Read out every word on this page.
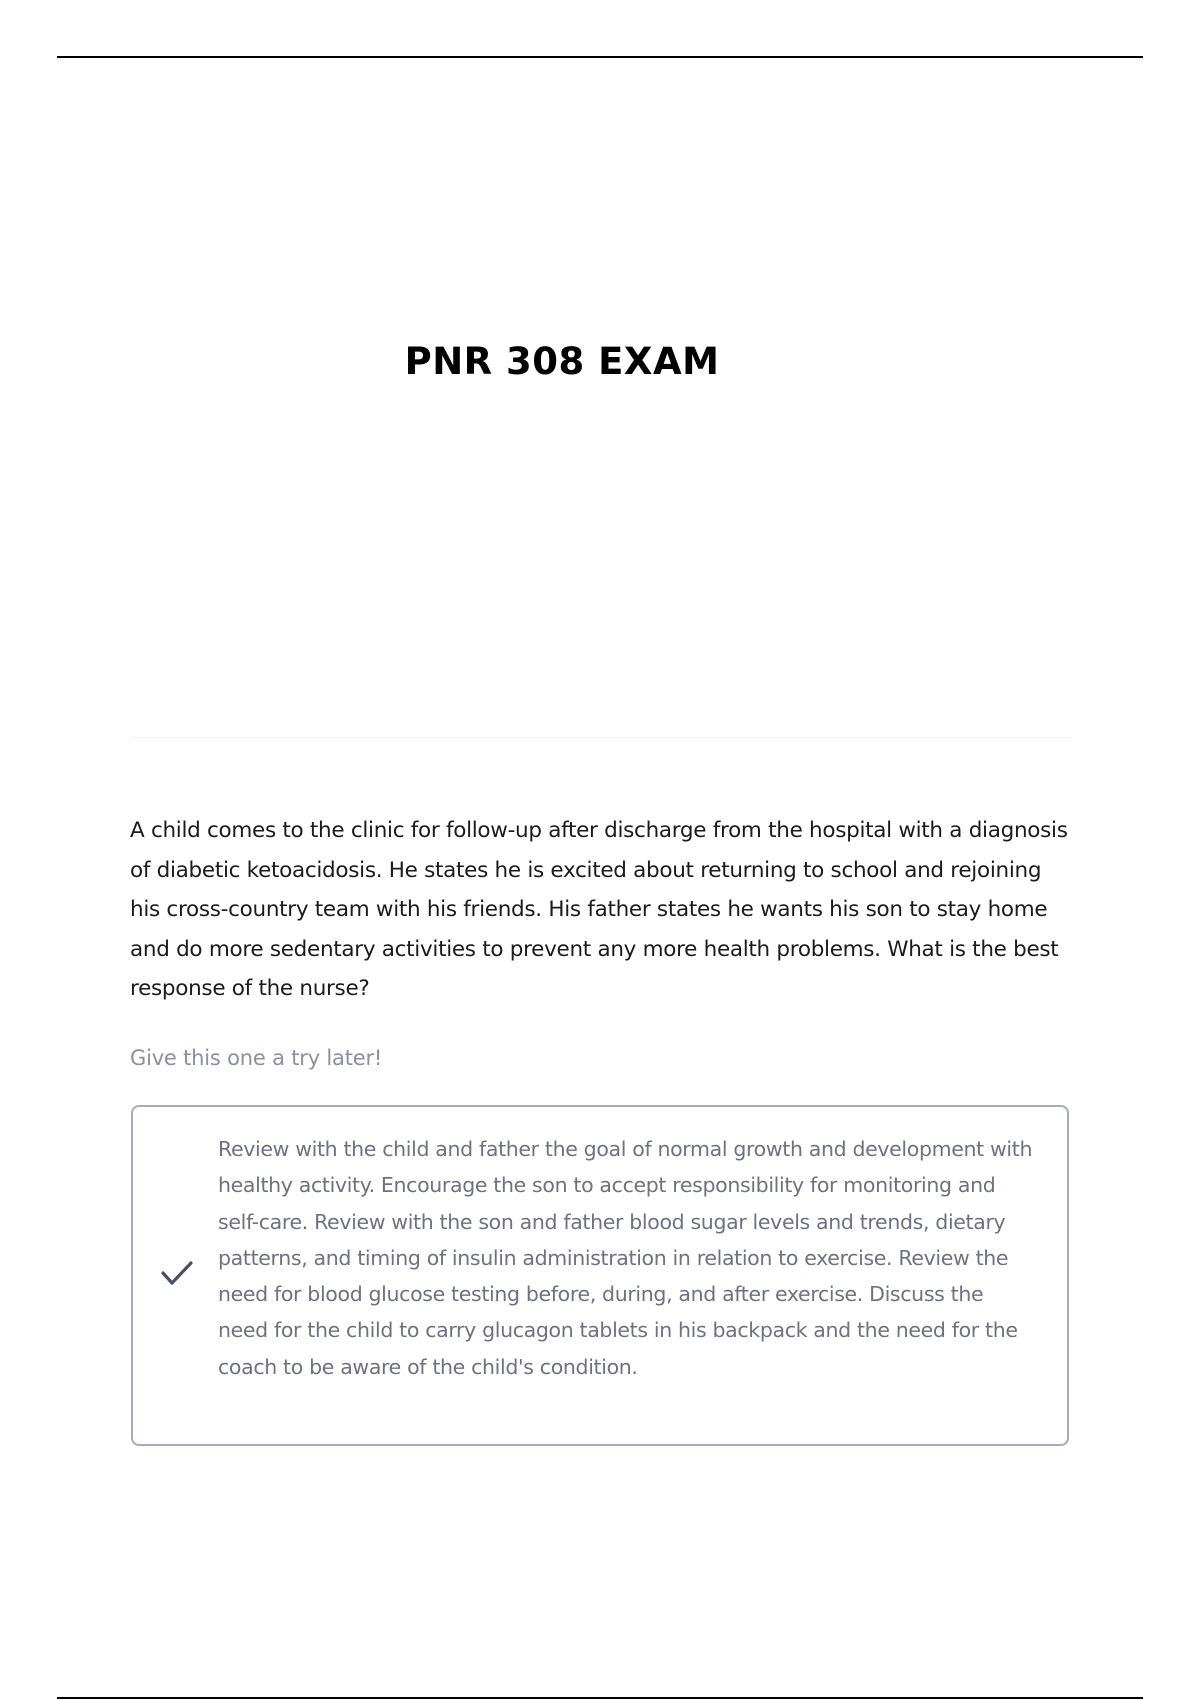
PNR 308 EXAM
A child comes to the clinic for follow-up after discharge from the hospital with a diagnosis of diabetic ketoacidosis. He states he is excited about returning to school and rejoining his cross-country team with his friends. His father states he wants his son to stay home and do more sedentary activities to prevent any more health problems. What is the best response of the nurse?
Give this one a try later!
Review with the child and father the goal of normal growth and development with healthy activity. Encourage the son to accept responsibility for monitoring and self-care. Review with the son and father blood sugar levels and trends, dietary patterns, and timing of insulin administration in relation to exercise. Review the need for blood glucose testing before, during, and after exercise. Discuss the need for the child to carry glucagon tablets in his backpack and the need for the coach to be aware of the child's condition.
